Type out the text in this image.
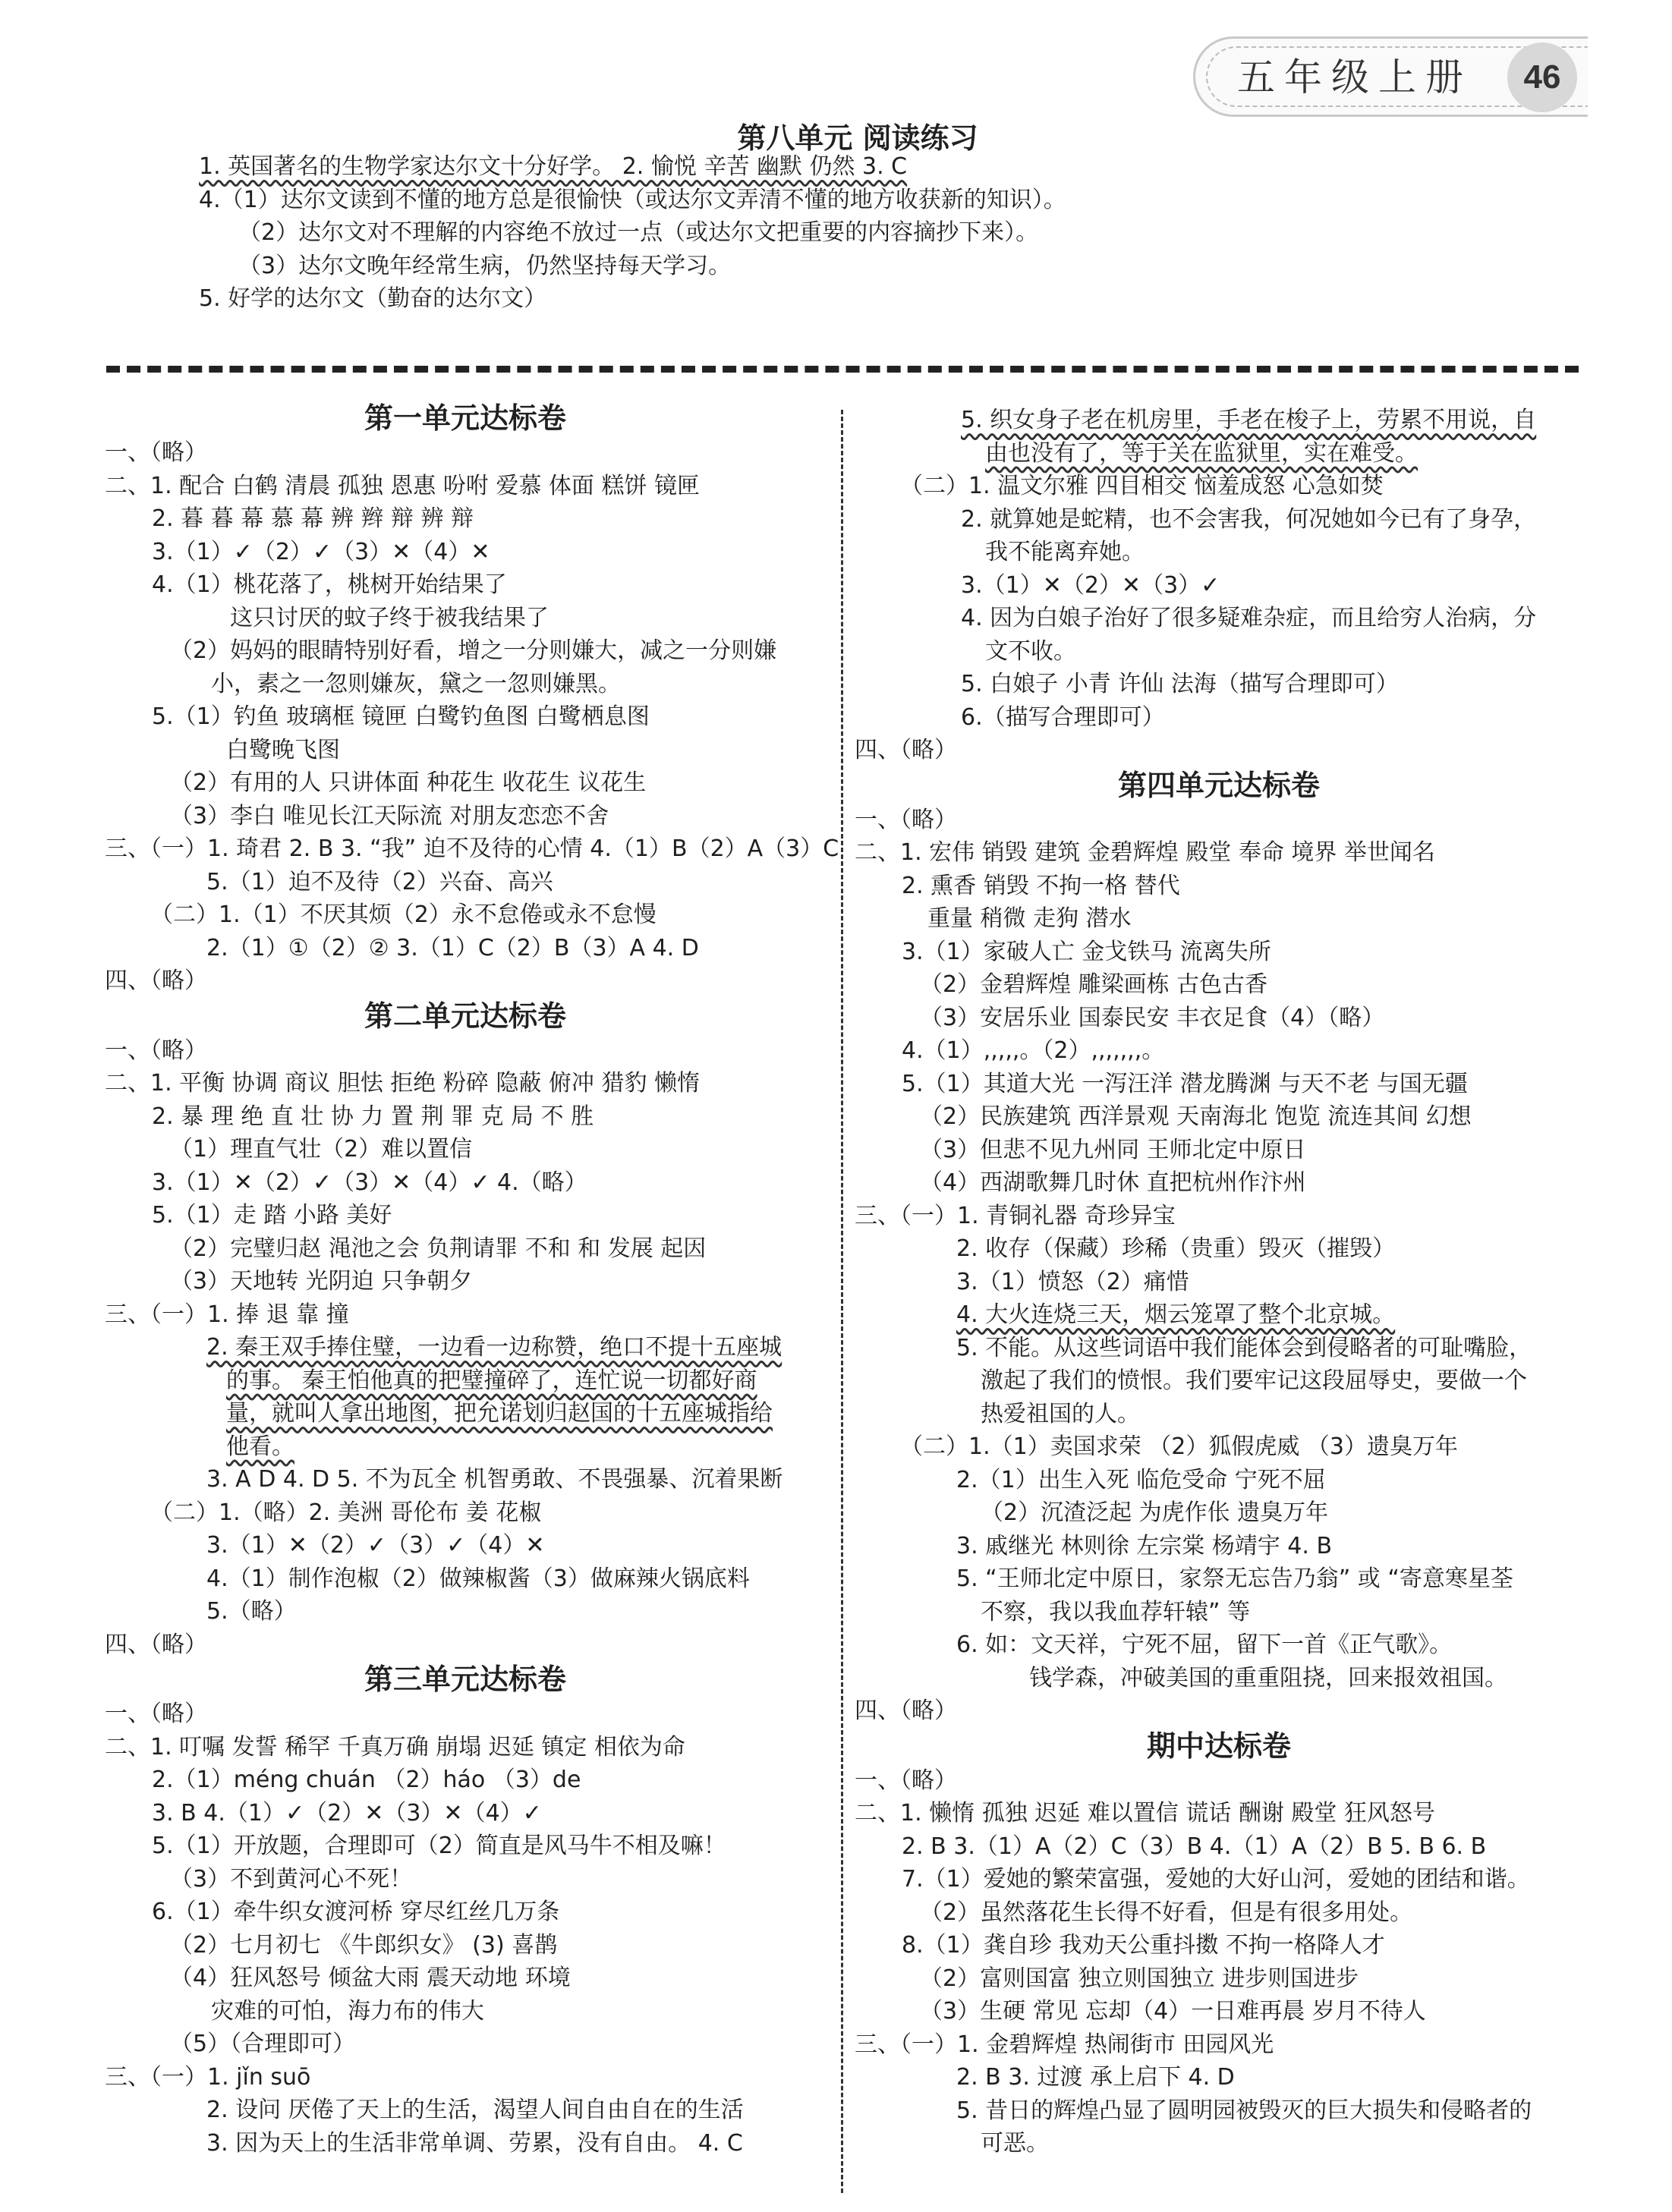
五年级上册	46
第八单元 阅读练习
1. 英国著名的生物学家达尔文十分好学。 2. 愉悦 辛苦 幽默 仍然 3. C
4.（1）达尔文读到不懂的地方总是很愉快（或达尔文弄清不懂的地方收获新的知识）。
（2）达尔文对不理解的内容绝不放过一点（或达尔文把重要的内容摘抄下来）。
（3）达尔文晚年经常生病，仍然坚持每天学习。
5. 好学的达尔文（勤奋的达尔文）
第一单元达标卷
一、（略）
二、1. 配合 白鹤 清晨 孤独 恩惠 吩咐 爱慕 体面 糕饼 镜匣
2. 暮 暮 幕 慕 幕 辨 辫 辩 辨 辩
3.（1）✓（2）✓（3）✕（4）✕
4.（1）桃花落了，桃树开始结果了
这只讨厌的蚊子终于被我结果了
（2）妈妈的眼睛特别好看，增之一分则嫌大，减之一分则嫌
小，素之一忽则嫌灰，黛之一忽则嫌黑。
5.（1）钓鱼 玻璃框 镜匣 白鹭钓鱼图 白鹭栖息图
白鹭晚飞图
（2）有用的人 只讲体面 种花生 收花生 议花生
（3）李白 唯见长江天际流 对朋友恋恋不舍
三、（一）1. 琦君 2. B 3. “我” 迫不及待的心情 4.（1）B（2）A（3）C
5.（1）迫不及待（2）兴奋、高兴
（二）1.（1）不厌其烦（2）永不怠倦或永不怠慢
2.（1）①（2）② 3.（1）C（2）B（3）A 4. D
四、（略）
第二单元达标卷
一、（略）
二、1. 平衡 协调 商议 胆怯 拒绝 粉碎 隐蔽 俯冲 猎豹 懒惰
2. 暴 理 绝 直 壮 协 力 置 荆 罪 克 局 不 胜
（1）理直气壮（2）难以置信
3.（1）✕（2）✓（3）✕（4）✓ 4.（略）
5.（1）走 踏 小路 美好
（2）完璧归赵 渑池之会 负荆请罪 不和 和 发展 起因
（3）天地转 光阴迫 只争朝夕
三、（一）1. 捧 退 靠 撞
2. 秦王双手捧住璧，一边看一边称赞，绝口不提十五座城
的事。 秦王怕他真的把璧撞碎了，连忙说一切都好商
量，就叫人拿出地图，把允诺划归赵国的十五座城指给
他看。
3. A D 4. D 5. 不为瓦全 机智勇敢、不畏强暴、沉着果断
（二）1.（略）2. 美洲 哥伦布 姜 花椒
3.（1）✕（2）✓（3）✓（4）✕
4.（1）制作泡椒（2）做辣椒酱（3）做麻辣火锅底料
5.（略）
四、（略）
第三单元达标卷
一、（略）
二、1. 叮嘱 发誓 稀罕 千真万确 崩塌 迟延 镇定 相依为命
2.（1）méng chuán （2）háo （3）de
3. B 4.（1）✓（2）✕（3）✕（4）✓
5.（1）开放题，合理即可（2）简直是风马牛不相及嘛！
（3）不到黄河心不死！
6.（1）牵牛织女渡河桥 穿尽红丝几万条
（2）七月初七 《牛郎织女》 (3) 喜鹊
（4）狂风怒号 倾盆大雨 震天动地 环境
灾难的可怕，海力布的伟大
（5）（合理即可）
三、（一）1. jǐn suō
2. 设问 厌倦了天上的生活，渴望人间自由自在的生活
3. 因为天上的生活非常单调、劳累，没有自由。 4. C
5. 织女身子老在机房里，手老在梭子上，劳累不用说，自
由也没有了，等于关在监狱里，实在难受。
（二）1. 温文尔雅 四目相交 恼羞成怒 心急如焚
2. 就算她是蛇精，也不会害我，何况她如今已有了身孕，
我不能离弃她。
3.（1）✕（2）✕（3）✓
4. 因为白娘子治好了很多疑难杂症，而且给穷人治病，分
文不收。
5. 白娘子 小青 许仙 法海（描写合理即可）
6.（描写合理即可）
四、（略）
第四单元达标卷
一、（略）
二、1. 宏伟 销毁 建筑 金碧辉煌 殿堂 奉命 境界 举世闻名
2. 熏香 销毁 不拘一格 替代
重量 稍微 走狗 潜水
3.（1）家破人亡 金戈铁马 流离失所
（2）金碧辉煌 雕梁画栋 古色古香
（3）安居乐业 国泰民安 丰衣足食（4）（略）
4.（1）,,,,,。（2）,,,,,,,。
5.（1）其道大光 一泻汪洋 潜龙腾渊 与天不老 与国无疆
（2）民族建筑 西洋景观 天南海北 饱览 流连其间 幻想
（3）但悲不见九州同 王师北定中原日
（4）西湖歌舞几时休 直把杭州作汴州
三、（一）1. 青铜礼器 奇珍异宝
2. 收存（保藏）珍稀（贵重）毁灭（摧毁）
3.（1）愤怒（2）痛惜
4. 大火连烧三天，烟云笼罩了整个北京城。
5. 不能。从这些词语中我们能体会到侵略者的可耻嘴脸，
激起了我们的愤恨。我们要牢记这段屈辱史，要做一个
热爱祖国的人。
（二）1.（1）卖国求荣 （2）狐假虎威 （3）遗臭万年
2.（1）出生入死 临危受命 宁死不屈
（2）沉渣泛起 为虎作伥 遗臭万年
3. 戚继光 林则徐 左宗棠 杨靖宇 4. B
5. “王师北定中原日，家祭无忘告乃翁” 或 “寄意寒星荃
不察，我以我血荐轩辕” 等
6. 如：文天祥，宁死不屈，留下一首《正气歌》。
钱学森，冲破美国的重重阻挠，回来报效祖国。
四、（略）
期中达标卷
一、（略）
二、1. 懒惰 孤独 迟延 难以置信 谎话 酬谢 殿堂 狂风怒号
2. B 3.（1）A（2）C（3）B 4.（1）A（2）B 5. B 6. B
7.（1）爱她的繁荣富强，爱她的大好山河，爱她的团结和谐。
（2）虽然落花生长得不好看，但是有很多用处。
8.（1）龚自珍 我劝天公重抖擞 不拘一格降人才
（2）富则国富 独立则国独立 进步则国进步
（3）生硬 常见 忘却（4）一日难再晨 岁月不待人
三、（一）1. 金碧辉煌 热闹街市 田园风光
2. B 3. 过渡 承上启下 4. D
5. 昔日的辉煌凸显了圆明园被毁灭的巨大损失和侵略者的
可恶。
